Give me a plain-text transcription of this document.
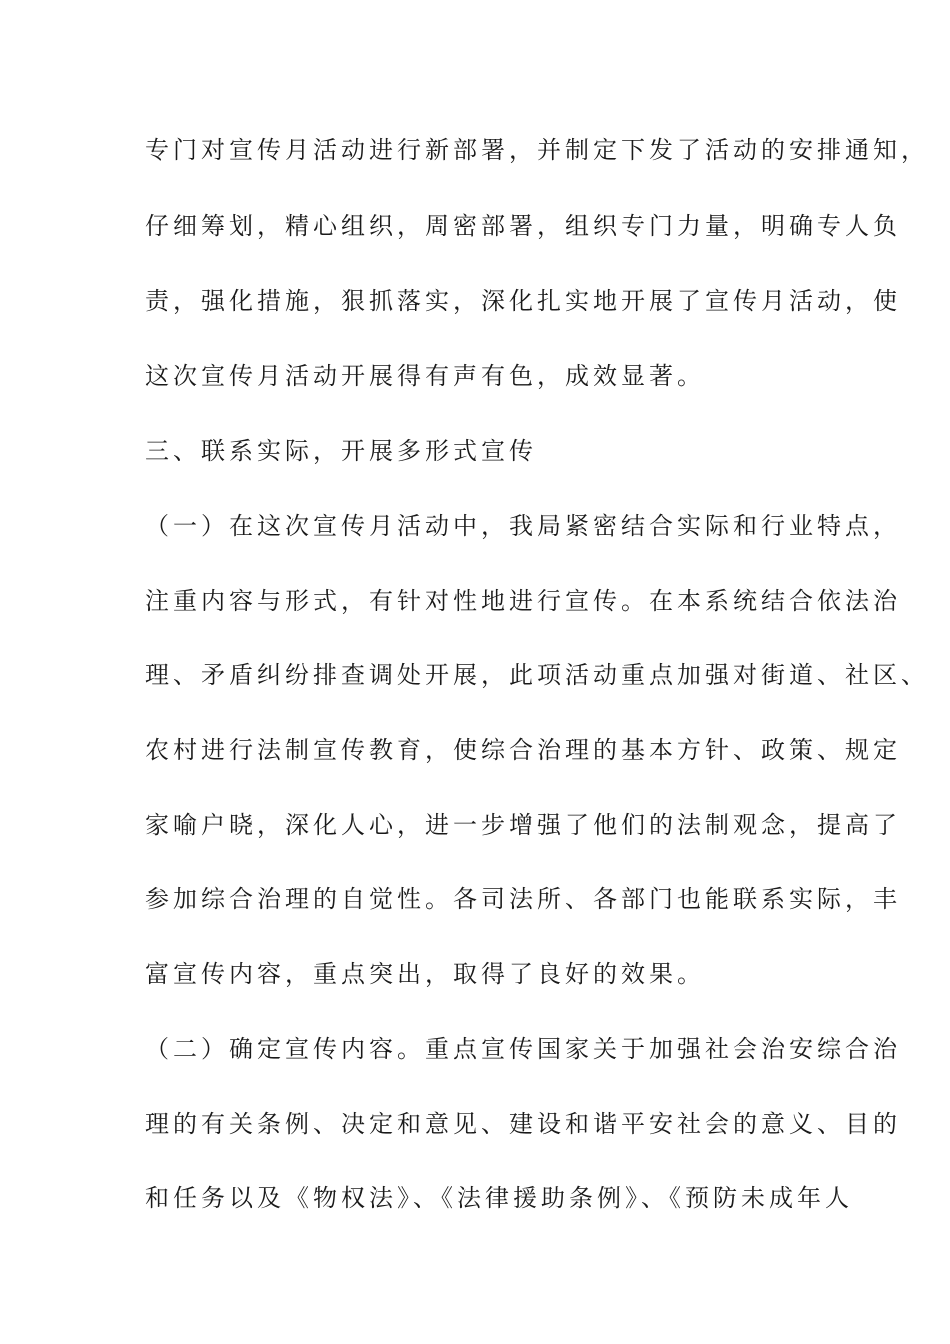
专门对宣传月活动进行新部署，并制定下发了活动的安排通知，
仔细筹划，精心组织，周密部署，组织专门力量，明确专人负
责，强化措施，狠抓落实，深化扎实地开展了宣传月活动，使
这次宣传月活动开展得有声有色，成效显著。
三、联系实际，开展多形式宣传
（一）在这次宣传月活动中，我局紧密结合实际和行业特点，
注重内容与形式，有针对性地进行宣传。在本系统结合依法治
理、矛盾纠纷排查调处开展，此项活动重点加强对街道、社区、
农村进行法制宣传教育，使综合治理的基本方针、政策、规定
家喻户晓，深化人心，进一步增强了他们的法制观念，提高了
参加综合治理的自觉性。各司法所、各部门也能联系实际，丰
富宣传内容，重点突出，取得了良好的效果。
（二）确定宣传内容。重点宣传国家关于加强社会治安综合治
理的有关条例、决定和意见、建设和谐平安社会的意义、目的
和任务以及《物权法》、《法律援助条例》、《预防未成年人
